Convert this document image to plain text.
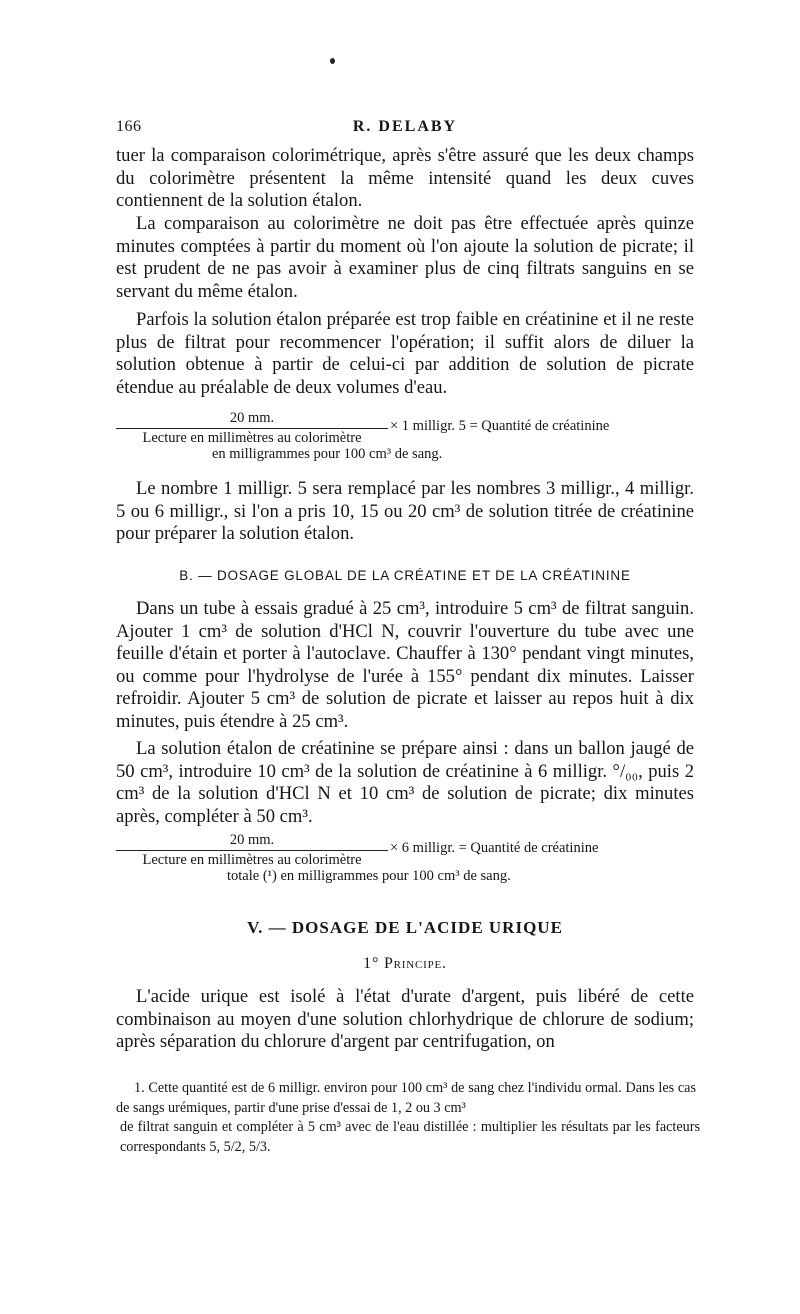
166	R. DELABY

tuer la comparaison colorimétrique, après s'être assuré que les deux champs du colorimètre présentent la même intensité quand les deux cuves contiennent de la solution étalon.

La comparaison au colorimètre ne doit pas être effectuée après quinze minutes comptées à partir du moment où l'on ajoute la solution de picrate; il est prudent de ne pas avoir à examiner plus de cinq filtrats sanguins en se servant du même étalon.

Parfois la solution étalon préparée est trop faible en créatinine et il ne reste plus de filtrat pour recommencer l'opération; il suffit alors de diluer la solution obtenue à partir de celui-ci par addition de solution de picrate étendue au préalable de deux volumes d'eau.

20 mm.
Lecture en millimètres au colorimètre
× 1 milligr. 5 = Quantité de créatinine
en milligrammes pour 100 cm³ de sang.

Le nombre 1 milligr. 5 sera remplacé par les nombres 3 milligr., 4 milligr. 5 ou 6 milligr., si l'on a pris 10, 15 ou 20 cm³ de solution titrée de créatinine pour préparer la solution étalon.

B. — DOSAGE GLOBAL DE LA CRÉATINE ET DE LA CRÉATININE

Dans un tube à essais gradué à 25 cm³, introduire 5 cm³ de filtrat sanguin. Ajouter 1 cm³ de solution d'HCl N, couvrir l'ouverture du tube avec une feuille d'étain et porter à l'autoclave. Chauffer à 130° pendant vingt minutes, ou comme pour l'hydrolyse de l'urée à 155° pendant dix minutes. Laisser refroidir. Ajouter 5 cm³ de solution de picrate et laisser au repos huit à dix minutes, puis étendre à 25 cm³.

La solution étalon de créatinine se prépare ainsi : dans un ballon jaugé de 50 cm³, introduire 10 cm³ de la solution de créatinine à 6 milligr. °/₀₀, puis 2 cm³ de la solution d'HCl N et 10 cm³ de solution de picrate; dix minutes après, compléter à 50 cm³.

20 mm.
Lecture en millimètres au colorimètre
× 6 milligr. = Quantité de créatinine
totale (¹) en milligrammes pour 100 cm³ de sang.
V. — DOSAGE DE L'ACIDE URIQUE
1° Principe.

L'acide urique est isolé à l'état d'urate d'argent, puis libéré de cette combinaison au moyen d'une solution chlorhydrique de chlorure de sodium; après séparation du chlorure d'argent par centrifugation, on

1. Cette quantité est de 6 milligr. environ pour 100 cm³ de sang chez l'individu ormal. Dans les cas de sangs urémiques, partir d'une prise d'essai de 1, 2 ou 3 cm³

de filtrat sanguin et compléter à 5 cm³ avec de l'eau distillée : multiplier les résultats par les facteurs correspondants 5, 5/2, 5/3.
